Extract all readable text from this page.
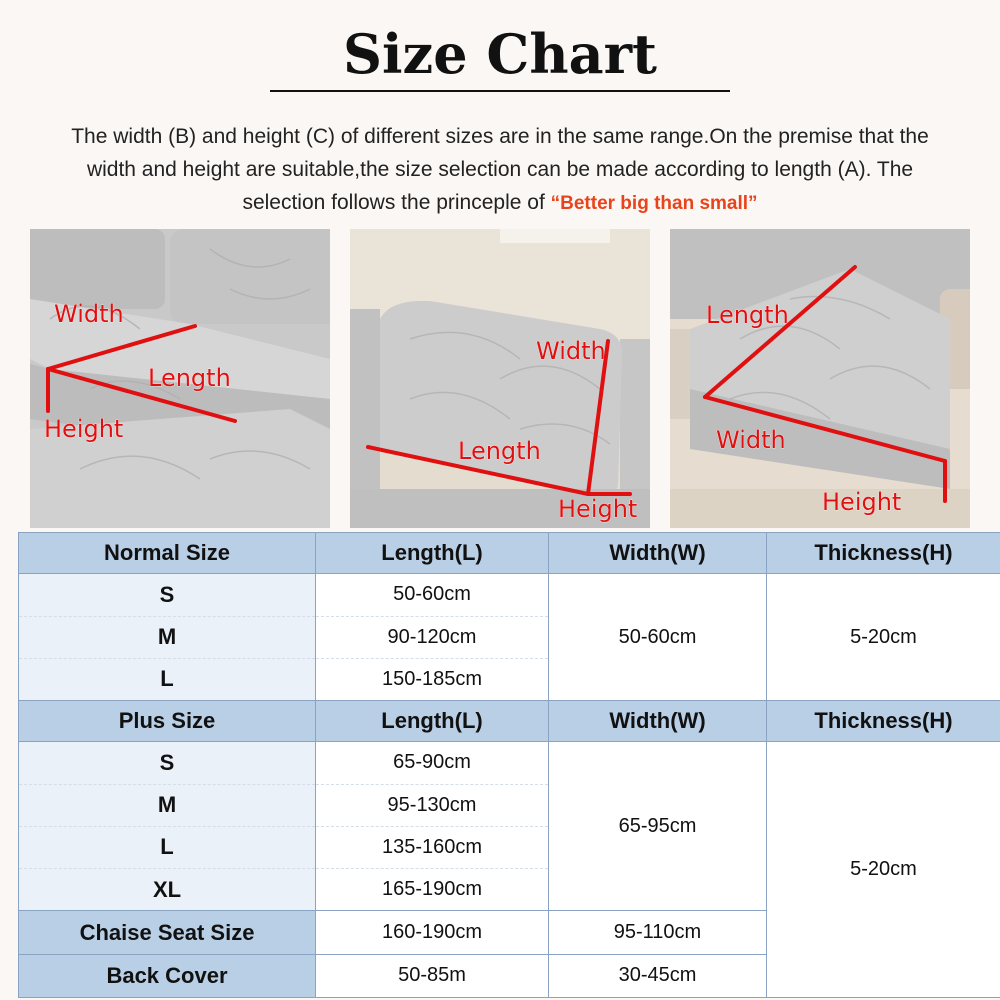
Size Chart
The width (B) and height (C) of different sizes are in the same range.On the premise that the width and height are suitable,the size selection can be made according to length (A). The selection follows the princeple of “Better big than small”
Width
Length
Height
Width
Length
Height
Length
Width
Height
Normal Size	Length(L)	Width(W)	Thickness(H)
S	50-60cm	50-60cm	5-20cm
M	90-120cm		
L	150-185cm		
Plus Size	Length(L)	Width(W)	Thickness(H)
S	65-90cm	65-95cm	5-20cm
M	95-130cm		
L	135-160cm		
XL	165-190cm		
Chaise Seat Size	160-190cm	95-110cm	
Back Cover	50-85m	30-45cm	
